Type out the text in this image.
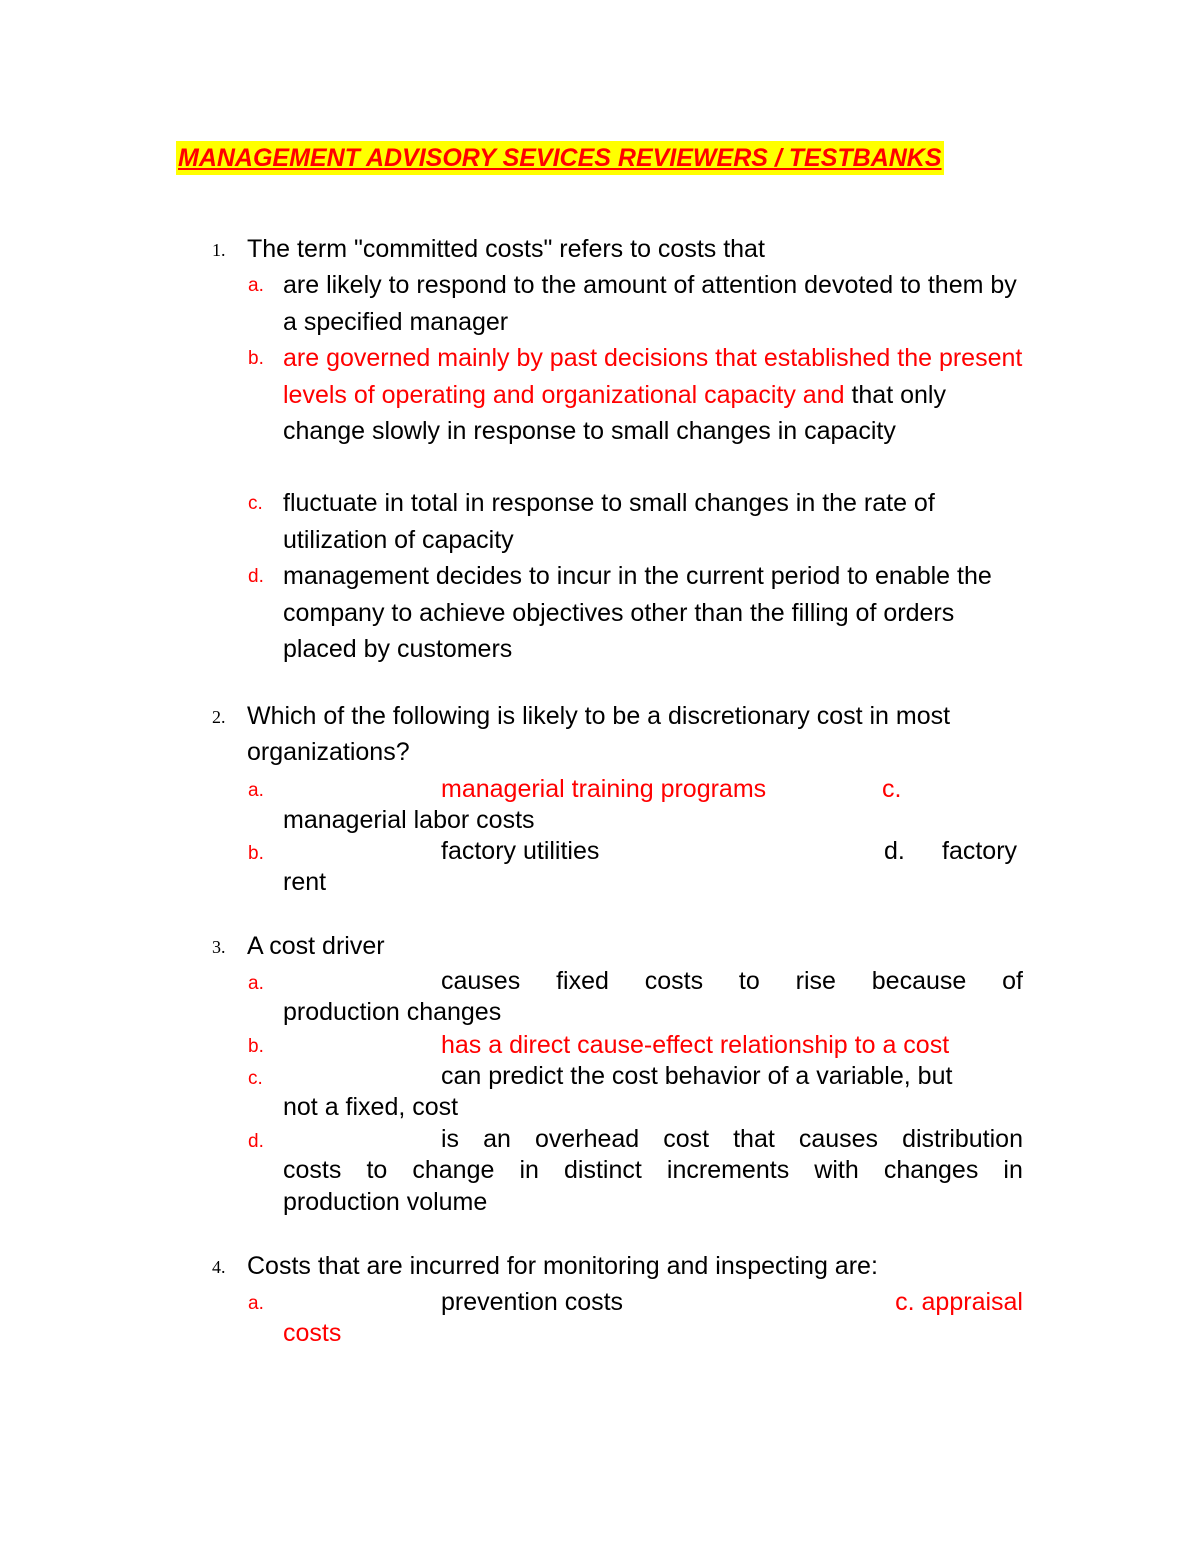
MANAGEMENT ADVISORY SEVICES REVIEWERS / TESTBANKS
1. The term "committed costs" refers to costs that

a. are likely to respond to the amount of attention devoted to them by a specified manager

b. are governed mainly by past decisions that established the present levels of operating and organizational capacity and that only change slowly in response to small changes in capacity

c. fluctuate in total in response to small changes in the rate of utilization of capacity

d. management decides to incur in the current period to enable the company to achieve objectives other than the filling of orders placed by customers

2. Which of the following is likely to be a discretionary cost in most organizations?

a.	managerial training programs	c.
managerial labor costs
b.	factory utilities	d. factory
rent
3. A cost driver

a.	causes fixed costs to rise because of
production changes
b.	has a direct cause-effect relationship to a cost
c.	can predict the cost behavior of a variable, but
not a fixed, cost
d.	is an overhead cost that causes distribution
costs to change in distinct increments with changes in
production volume
4. Costs that are incurred for monitoring and inspecting are:

a.	prevention costs	c. appraisal
costs
